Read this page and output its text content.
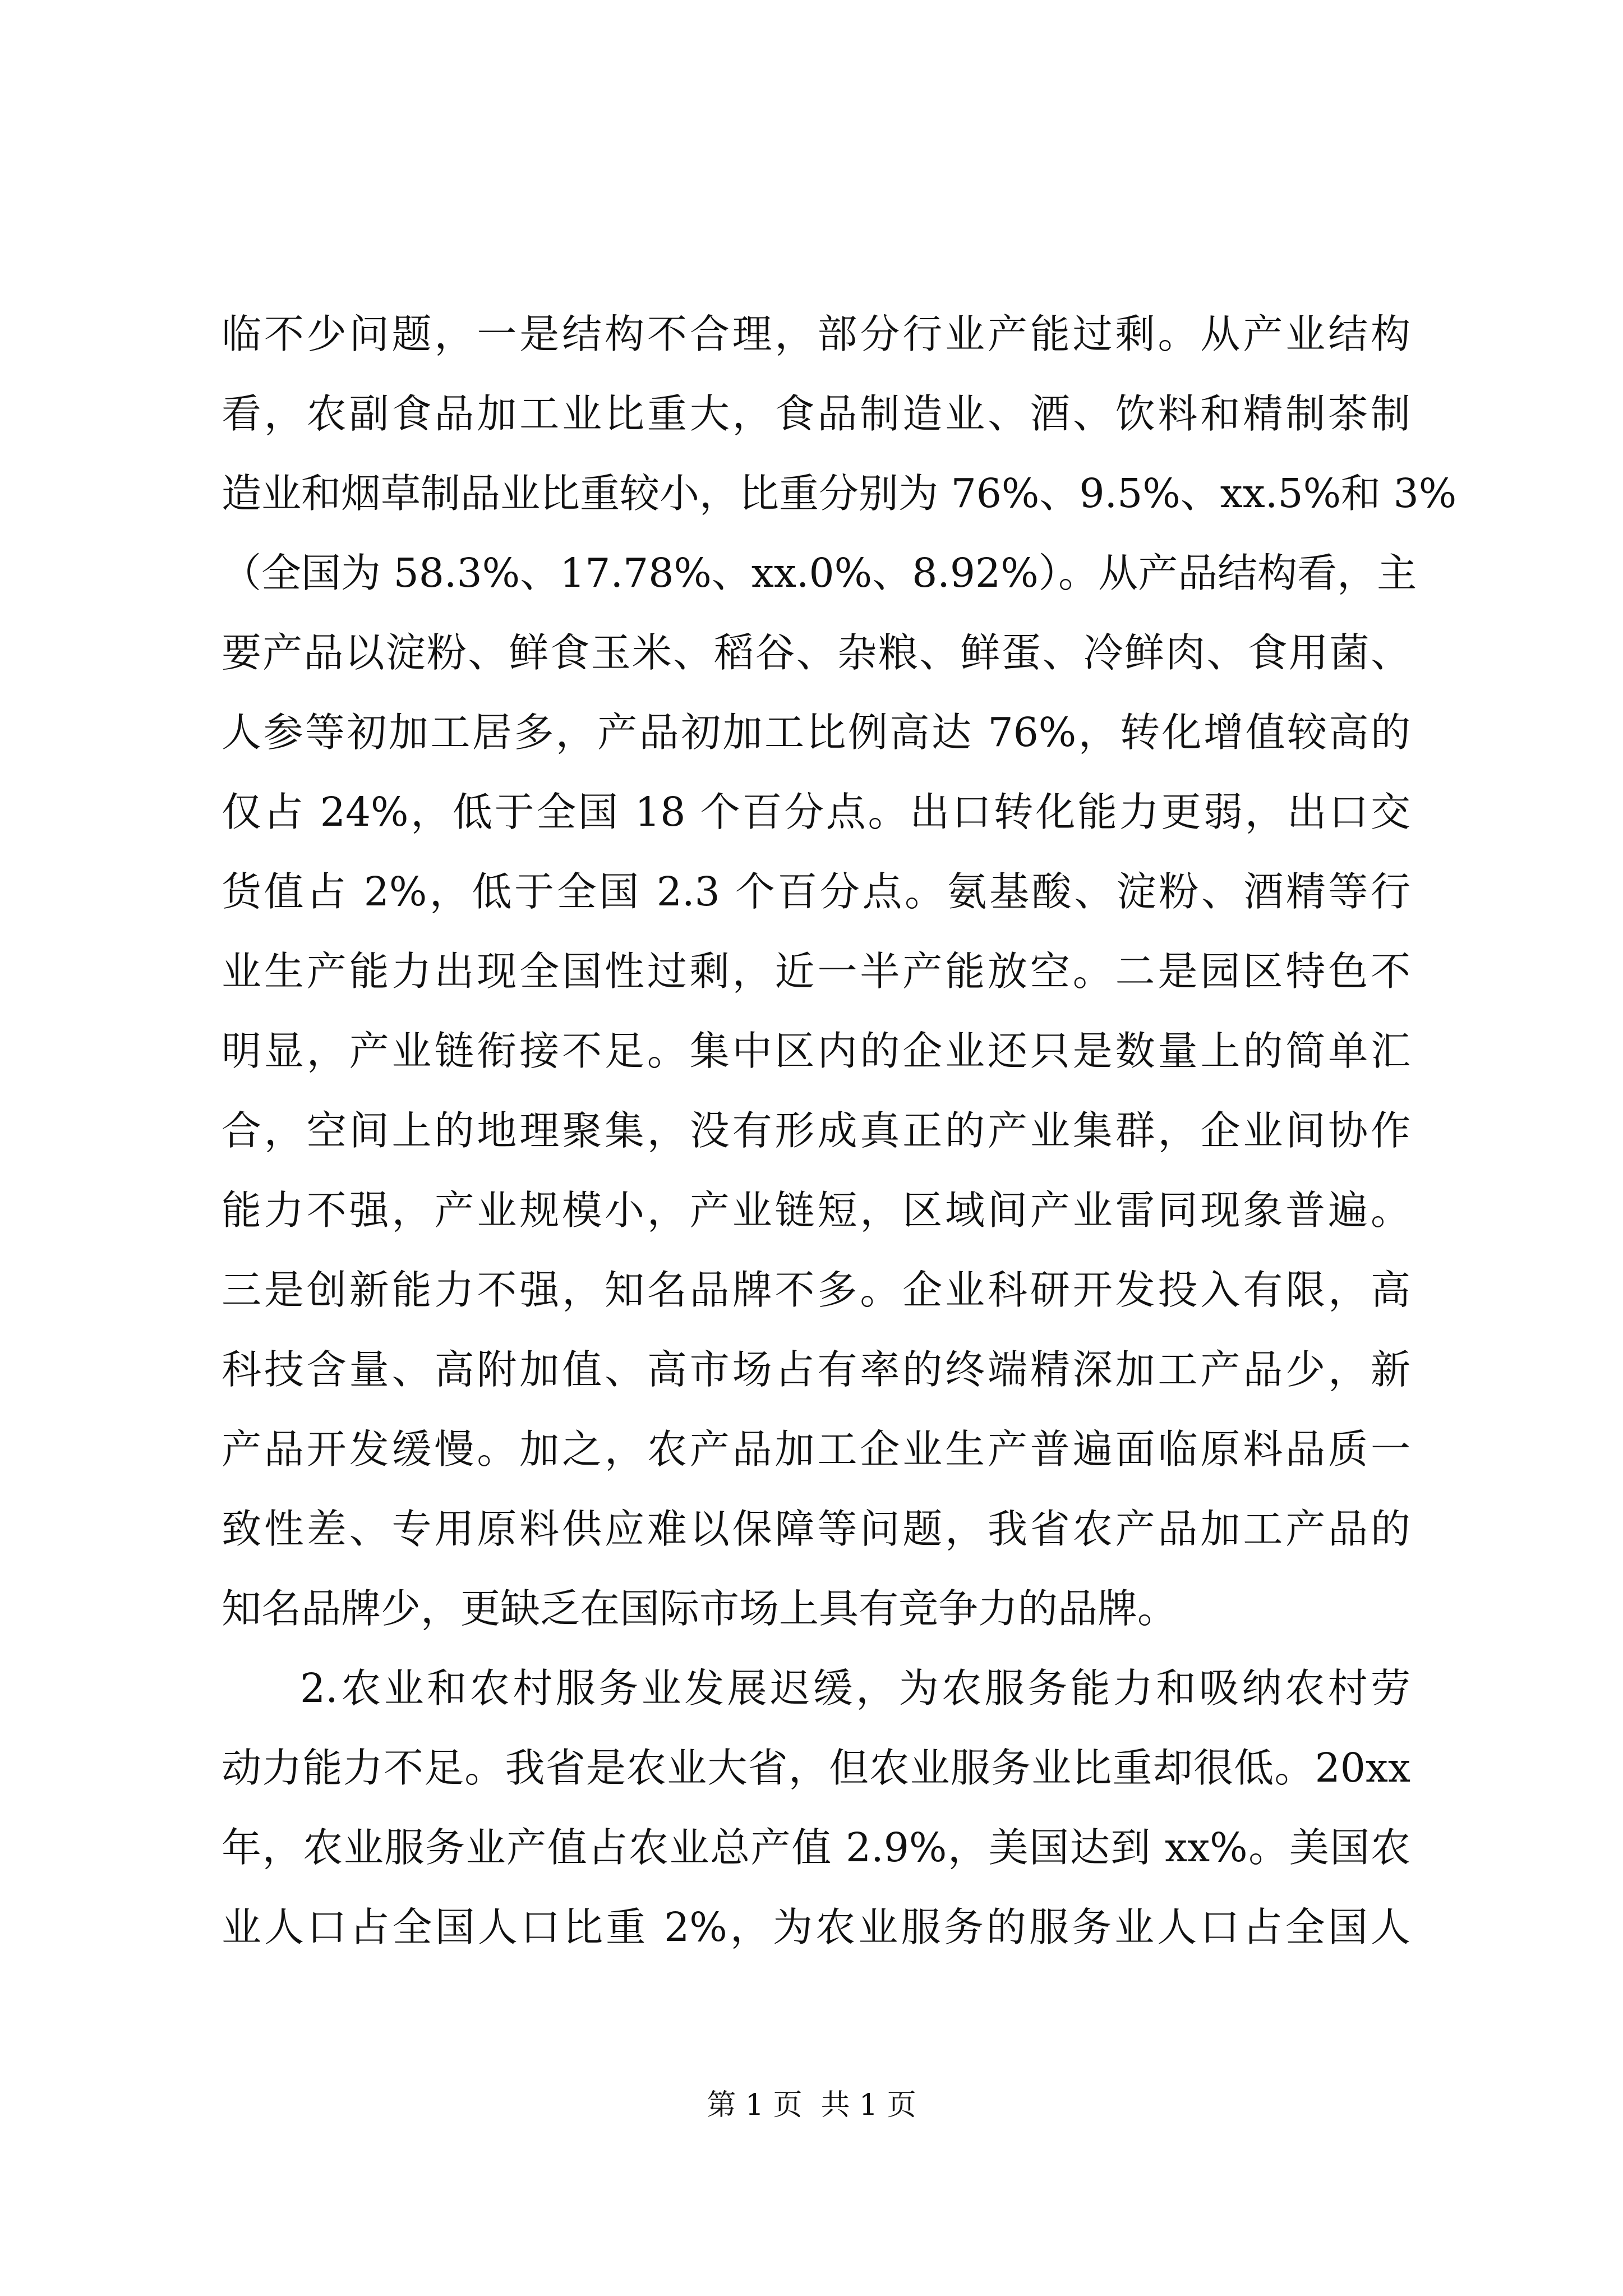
临不少问题，一是结构不合理，部分行业产能过剩。从产业结构
看，农副食品加工业比重大，食品制造业、酒、饮料和精制茶制
造业和烟草制品业比重较小，比重分别为 76%、9.5%、xx.5%和 3%
（全国为 58.3%、17.78%、xx.0%、8.92%）。从产品结构看，主
要产品以淀粉、鲜食玉米、稻谷、杂粮、鲜蛋、冷鲜肉、食用菌、
人参等初加工居多，产品初加工比例高达 76%，转化增值较高的
仅占 24%，低于全国 18 个百分点。出口转化能力更弱，出口交
货值占 2%，低于全国 2.3 个百分点。氨基酸、淀粉、酒精等行
业生产能力出现全国性过剩，近一半产能放空。二是园区特色不
明显，产业链衔接不足。集中区内的企业还只是数量上的简单汇
合，空间上的地理聚集，没有形成真正的产业集群，企业间协作
能力不强，产业规模小，产业链短，区域间产业雷同现象普遍。
三是创新能力不强，知名品牌不多。企业科研开发投入有限，高
科技含量、高附加值、高市场占有率的终端精深加工产品少，新
产品开发缓慢。加之，农产品加工企业生产普遍面临原料品质一
致性差、专用原料供应难以保障等问题，我省农产品加工产品的
知名品牌少，更缺乏在国际市场上具有竞争力的品牌。
2.农业和农村服务业发展迟缓，为农服务能力和吸纳农村劳
动力能力不足。我省是农业大省，但农业服务业比重却很低。20xx
年，农业服务业产值占农业总产值 2.9%，美国达到 xx%。美国农
业人口占全国人口比重 2%，为农业服务的服务业人口占全国人
第 1 页  共 1 页
